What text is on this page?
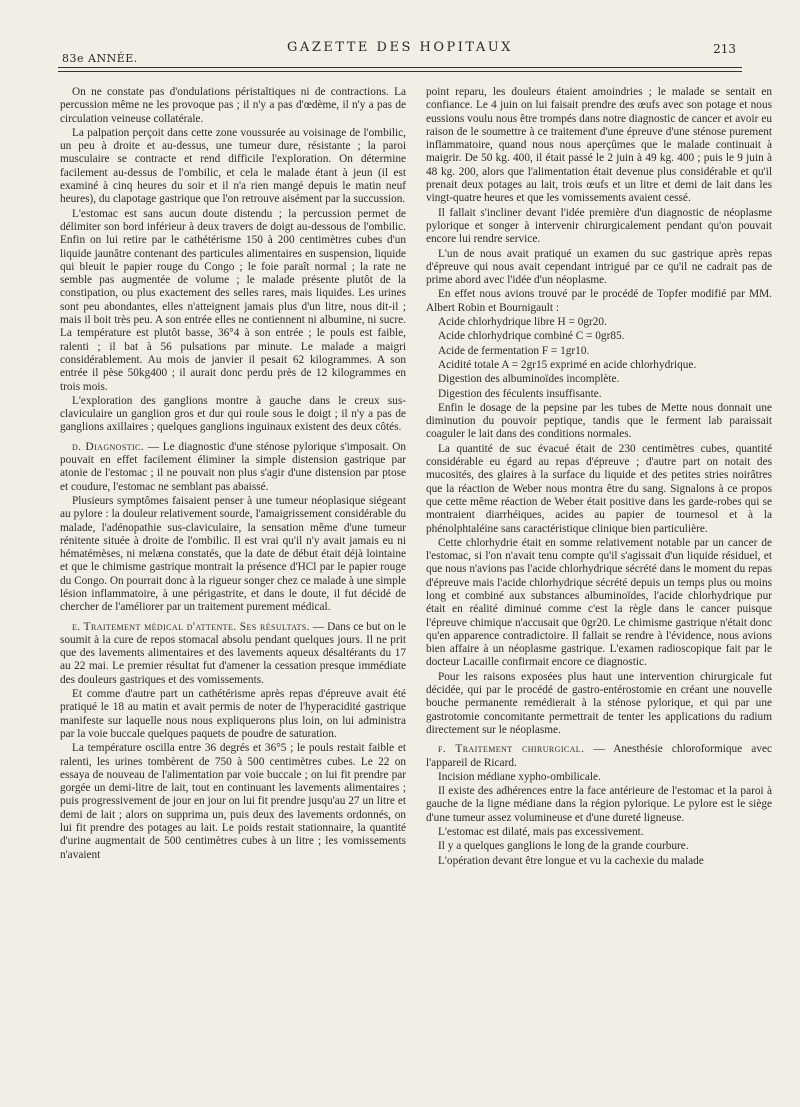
83e ANNÉE.
GAZETTE DES HOPITAUX	213

On ne constate pas d'ondulations péristaltiques ni de contractions. La percussion même ne les provoque pas ; il n'y a pas d'œdème, il n'y a pas de circulation veineuse collatérale.

La palpation perçoit dans cette zone voussurée au voisinage de l'ombilic, un peu à droite et au-dessus, une tumeur dure, résistante ; la paroi musculaire se contracte et rend difficile l'exploration. On détermine facilement au-dessus de l'ombilic, et cela le malade étant à jeun (il est examiné à cinq heures du soir et il n'a rien mangé depuis le matin neuf heures), du clapotage gastrique que l'on retrouve aisément par la succussion.

L'estomac est sans aucun doute distendu ; la percussion permet de délimiter son bord inférieur à deux travers de doigt au-dessous de l'ombilic. Enfin on lui retire par le cathétérisme 150 à 200 centimètres cubes d'un liquide jaunâtre contenant des particules alimentaires en suspension, liquide qui bleuit le papier rouge du Congo ; le foie paraît normal ; la rate ne semble pas augmentée de volume ; le malade présente plutôt de la constipation, ou plus exactement des selles rares, mais liquides. Les urines sont peu abondantes, elles n'atteignent jamais plus d'un litre, nous dit-il ; mais il boit très peu. A son entrée elles ne contiennent ni albumine, ni sucre. La température est plutôt basse, 36°4 à son entrée ; le pouls est faible, ralenti ; il bat à 56 pulsations par minute. Le malade a maigri considérablement. Au mois de janvier il pesait 62 kilogrammes. A son entrée il pèse 50kg400 ; il aurait donc perdu près de 12 kilogrammes en trois mois.

L'exploration des ganglions montre à gauche dans le creux sus-claviculaire un ganglion gros et dur qui roule sous le doigt ; il n'y a pas de ganglions axillaires ; quelques ganglions inguinaux existent des deux côtés.

d. Diagnostic. — Le diagnostic d'une sténose pylorique s'imposait. On pouvait en effet facilement éliminer la simple distension gastrique par atonie de l'estomac ; il ne pouvait non plus s'agir d'une distension par ptose et coudure, l'estomac ne semblant pas abaissé.

Plusieurs symptômes faisaient penser à une tumeur néoplasique siégeant au pylore : la douleur relativement sourde, l'amaigrissement considérable du malade, l'adénopathie sus-claviculaire, la sensation même d'une tumeur rénitente située à droite de l'ombilic. Il est vrai qu'il n'y avait jamais eu ni hématémèses, ni melæna constatés, que la date de début était déjà lointaine et que le chimisme gastrique montrait la présence d'HCl par le papier rouge du Congo. On pourrait donc à la rigueur songer chez ce malade à une simple lésion inflammatoire, à une périgastrite, et dans le doute, il fut décidé de chercher de l'améliorer par un traitement purement médical.

e. Traitement médical d'attente. Ses résultats. — Dans ce but on le soumit à la cure de repos stomacal absolu pendant quelques jours. Il ne prit que des lavements alimentaires et des lavements aqueux désaltérants du 17 au 22 mai. Le premier résultat fut d'amener la cessation presque immédiate des douleurs gastriques et des vomissements.

Et comme d'autre part un cathétérisme après repas d'épreuve avait été pratiqué le 18 au matin et avait permis de noter de l'hyperacidité gastrique manifeste sur laquelle nous nous expliquerons plus loin, on lui administra par la voie buccale quelques paquets de poudre de saturation.

La température oscilla entre 36 degrés et 36°5 ; le pouls restait faible et ralenti, les urines tombèrent de 750 à 500 centimètres cubes. Le 22 on essaya de nouveau de l'alimentation par voie buccale ; on lui fit prendre par gorgée un demi-litre de lait, tout en continuant les lavements alimentaires ; puis progressivement de jour en jour on lui fit prendre jusqu'au 27 un litre et demi de lait ; alors on supprima un, puis deux des lavements ordonnés, on lui fit prendre des potages au lait. Le poids restait stationnaire, la quantité d'urine augmentait de 500 centimètres cubes à un litre ; les vomissements n'avaient

point reparu, les douleurs étaient amoindries ; le malade se sentait en confiance. Le 4 juin on lui faisait prendre des œufs avec son potage et nous eussions voulu nous être trompés dans notre diagnostic de cancer et avoir eu raison de le soumettre à ce traitement d'une épreuve d'une sténose purement inflammatoire, quand nous nous aperçûmes que le malade continuait à maigrir. De 50 kg. 400, il était passé le 2 juin à 49 kg. 400 ; puis le 9 juin à 48 kg. 200, alors que l'alimentation était devenue plus considérable et qu'il prenait deux potages au lait, trois œufs et un litre et demi de lait dans les vingt-quatre heures et que les vomissements avaient cessé.

Il fallait s'incliner devant l'idée première d'un diagnostic de néoplasme pylorique et songer à intervenir chirurgicalement pendant qu'on pouvait encore lui rendre service.

L'un de nous avait pratiqué un examen du suc gastrique après repas d'épreuve qui nous avait cependant intrigué par ce qu'il ne cadrait pas de prime abord avec l'idée d'un néoplasme.

En effet nous avions trouvé par le procédé de Topfer modifié par MM. Albert Robin et Bournigault :

Acide chlorhydrique libre H = 0gr20.

Acide chlorhydrique combiné C = 0gr85.

Acide de fermentation F = 1gr10.

Acidité totale A = 2gr15 exprimé en acide chlorhydrique.

Digestion des albuminoïdes incomplète.

Digestion des féculents insuffisante.

Enfin le dosage de la pepsine par les tubes de Mette nous donnait une diminution du pouvoir peptique, tandis que le ferment lab paraissait coaguler le lait dans des conditions normales.

La quantité de suc évacué était de 230 centimètres cubes, quantité considérable eu égard au repas d'épreuve ; d'autre part on notait des mucosités, des glaires à la surface du liquide et des petites stries noirâtres que la réaction de Weber nous montra être du sang. Signalons à ce propos que cette même réaction de Weber était positive dans les garde-robes qui se montraient diarrhéiques, acides au papier de tournesol et à la phénolphtaléine sans caractéristique clinique bien particulière.

Cette chlorhydrie était en somme relativement notable par un cancer de l'estomac, si l'on n'avait tenu compte qu'il s'agissait d'un liquide résiduel, et que nous n'avions pas l'acide chlorhydrique sécrété dans le moment du repas d'épreuve mais l'acide chlorhydrique sécrété depuis un temps plus ou moins long et combiné aux substances albuminoïdes, l'acide chlorhydrique pur était en réalité diminué comme c'est la règle dans le cancer puisque l'épreuve chimique n'accusait que 0gr20. Le chimisme gastrique n'était donc qu'en apparence contradictoire. Il fallait se rendre à l'évidence, nous avions bien affaire à un néoplasme gastrique. L'examen radioscopique fait par le docteur Lacaille confirmait encore ce diagnostic.

Pour les raisons exposées plus haut une intervention chirurgicale fut décidée, qui par le procédé de gastro-entérostomie en créant une nouvelle bouche permanente remédierait à la sténose pylorique, et qui par une gastrotomie concomitante permettrait de tenter les applications du radium directement sur le néoplasme.

f. Traitement chirurgical. — Anesthésie chloroformique avec l'appareil de Ricard.

Incision médiane xypho-ombilicale.

Il existe des adhérences entre la face antérieure de l'estomac et la paroi à gauche de la ligne médiane dans la région pylorique. Le pylore est le siège d'une tumeur assez volumineuse et d'une dureté ligneuse.

L'estomac est dilaté, mais pas excessivement.

Il y a quelques ganglions le long de la grande courbure.

L'opération devant être longue et vu la cachexie du malade
